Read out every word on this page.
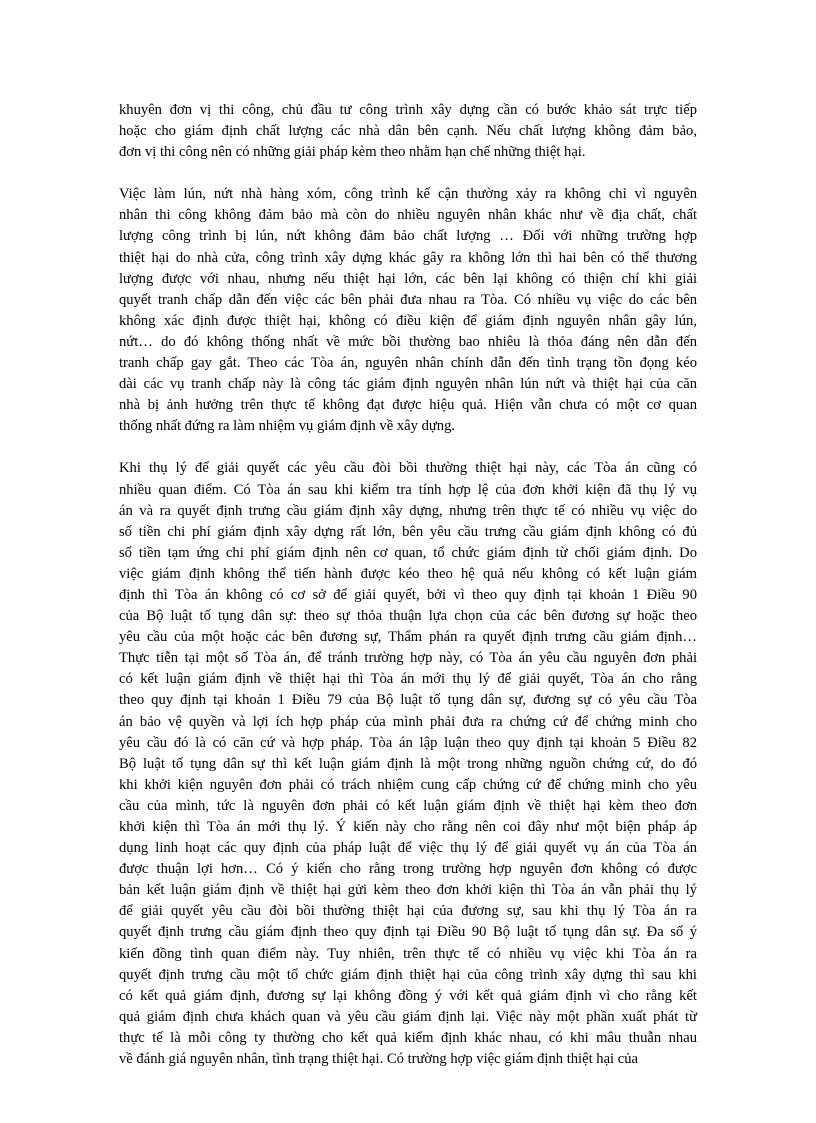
khuyên đơn vị thi công, chủ đầu tư công trình xây dựng cần có bước khảo sát trực tiếp
hoặc cho giám định chất lượng các nhà dân bên cạnh. Nếu chất lượng không đảm bảo,
đơn vị thi công nên có những giải pháp kèm theo nhằm hạn chế những thiệt hại.
Việc làm lún, nứt nhà hàng xóm, công trình kế cận thường xảy ra không chỉ vì nguyên
nhân thi công không đảm bảo mà còn do nhiều nguyên nhân khác như về địa chất, chất
lượng công trình bị lún, nứt không đảm bảo chất lượng … Đối với những trường hợp
thiệt hại do nhà cửa, công trình xây dựng khác gây ra không lớn thì hai bên có thể thương
lượng được với nhau, nhưng nếu thiệt hại lớn, các bên lại không có thiện chí khi giải
quyết tranh chấp dẫn đến việc các bên phải đưa nhau ra Tòa. Có nhiều vụ việc do các bên
không xác định được thiệt hại, không có điều kiện để giám định nguyên nhân gây lún,
nứt… do đó không thống nhất về mức bồi thường bao nhiêu là thỏa đáng nên dẫn đến
tranh chấp gay gắt. Theo các Tòa án, nguyên nhân chính dẫn đến tình trạng tồn đọng kéo
dài các vụ tranh chấp này là công tác giám định nguyên nhân lún nứt và thiệt hại của căn
nhà bị ảnh hưởng trên thực tế không đạt được hiệu quả. Hiện vẫn chưa có một cơ quan
thống nhất đứng ra làm nhiệm vụ giám định về xây dựng.
Khi thụ lý để giải quyết các yêu cầu đòi bồi thường thiệt hại này, các Tòa án cũng có
nhiều quan điểm. Có Tòa án sau khi kiểm tra tính hợp lệ của đơn khởi kiện đã thụ lý vụ
án và ra quyết định trưng cầu giám định xây dựng, nhưng trên thực tế có nhiều vụ việc do
số tiền chi phí giám định xây dựng rất lớn, bên yêu cầu trưng cầu giám định không có đủ
số tiền tạm ứng chi phí giám định nên cơ quan, tổ chức giám định từ chối giám định. Do
việc giám định không thể tiến hành được kéo theo hệ quả nếu không có kết luận giám
định thì Tòa án không có cơ sở để giải quyết, bởi vì theo quy định tại khoản 1 Điều 90
của Bộ luật tố tụng dân sự: theo sự thỏa thuận lựa chọn của các bên đương sự hoặc theo
yêu cầu của một hoặc các bên đương sự, Thẩm phán ra quyết định trưng cầu giám định…
Thực tiễn tại một số Tòa án, để tránh trường hợp này, có Tòa án yêu cầu nguyên đơn phải
có kết luận giám định về thiệt hại thì Tòa án mới thụ lý để giải quyết, Tòa án cho rằng
theo quy định tại khoản 1 Điều 79 của Bộ luật tố tụng dân sự, đương sự có yêu cầu Tòa
án bảo vệ quyền và lợi ích hợp pháp của mình phải đưa ra chứng cứ để chứng minh cho
yêu cầu đó là có căn cứ và hợp pháp. Tòa án lập luận theo quy định tại khoản 5 Điều 82
Bộ luật tố tụng dân sự thì kết luận giám định là một trong những nguồn chứng cứ, do đó
khi khởi kiện nguyên đơn phải có trách nhiệm cung cấp chứng cứ để chứng minh cho yêu
cầu của mình, tức là nguyên đơn phải có kết luận giám định về thiệt hại kèm theo đơn
khởi kiện thì Tòa án mới thụ lý. Ý kiến này cho rằng nên coi đây như một biện pháp áp
dụng linh hoạt các quy định của pháp luật để việc thụ lý để giải quyết vụ án của Tòa án
được thuận lợi hơn… Có ý kiến cho rằng trong trường hợp nguyên đơn không có được
bản kết luận giám định về thiệt hại gửi kèm theo đơn khởi kiện thì Tòa án vẫn phải thụ lý
để giải quyết yêu cầu đòi bồi thường thiệt hại của đương sự, sau khi thụ lý Tòa án ra
quyết định trưng cầu giám định theo quy định tại Điều 90 Bộ luật tố tụng dân sự. Đa số ý
kiến đồng tình quan điểm này. Tuy nhiên, trên thực tế có nhiều vụ việc khi Tòa án ra
quyết định trưng cầu một tổ chức giám định thiệt hại của công trình xây dựng thì sau khi
có kết quả giám định, đương sự lại không đồng ý với kết quả giám định vì cho rằng kết
quả giám định chưa khách quan và yêu cầu giám định lại. Việc này một phần xuất phát từ
thực tế là mỗi công ty thường cho kết quả kiểm định khác nhau, có khi mâu thuẫn nhau
về đánh giá nguyên nhân, tình trạng thiệt hại. Có trường hợp việc giám định thiệt hại của
